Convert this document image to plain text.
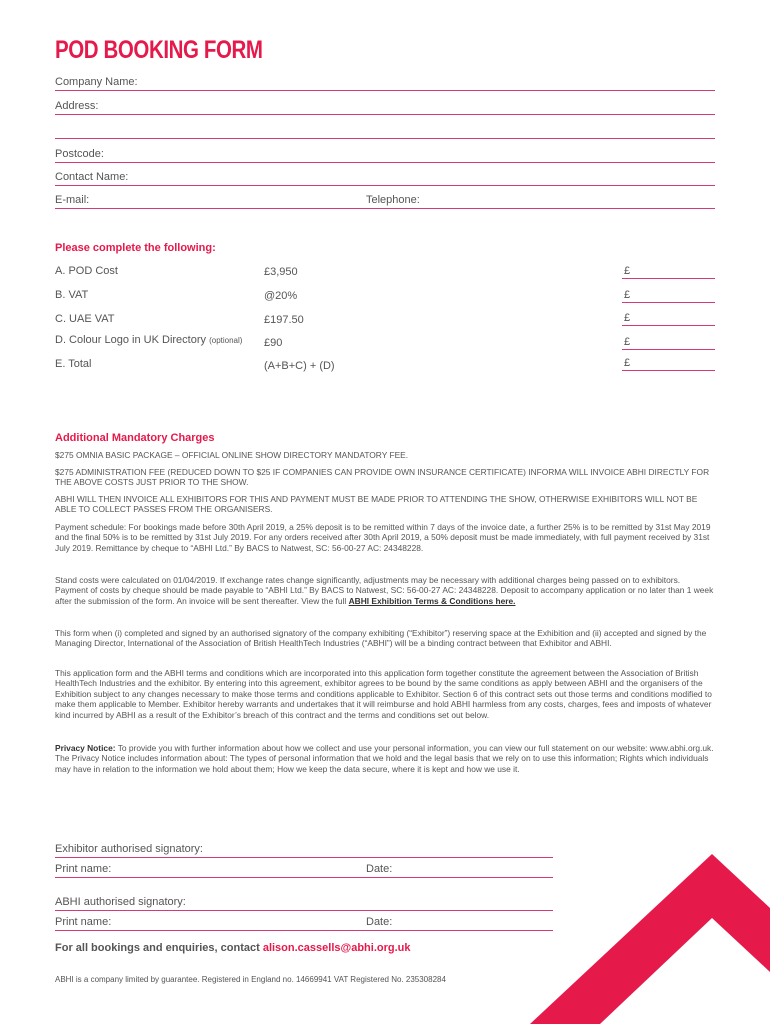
POD BOOKING FORM
Company Name:
Address:
Postcode:
Contact Name:
E-mail:	Telephone:
Please complete the following:
A. POD Cost	£3,950	£
B. VAT	@20%	£
C. UAE VAT	£197.50	£
D. Colour Logo in UK Directory (optional) £90	£
E. Total	(A+B+C) + (D)	£
Additional Mandatory Charges

$275 OMNIA BASIC PACKAGE – OFFICIAL ONLINE SHOW DIRECTORY MANDATORY FEE.

$275 ADMINISTRATION FEE (REDUCED DOWN TO $25 IF COMPANIES CAN PROVIDE OWN INSURANCE CERTIFICATE) INFORMA WILL INVOICE ABHI DIRECTLY FOR THE ABOVE COSTS JUST PRIOR TO THE SHOW.

ABHI WILL THEN INVOICE ALL EXHIBITORS FOR THIS AND PAYMENT MUST BE MADE PRIOR TO ATTENDING THE SHOW, OTHERWISE EXHIBITORS WILL NOT BE ABLE TO COLLECT PASSES FROM THE ORGANISERS.

Payment schedule: For bookings made before 30th April 2019, a 25% deposit is to be remitted within 7 days of the invoice date, a further 25% is to be remitted by 31st May 2019 and the final 50% is to be remitted by 31st July 2019. For any orders received after 30th April 2019, a 50% deposit must be made immediately, with full payment received by 31st July 2019. Remittance by cheque to “ABHI Ltd.” By BACS to Natwest, SC: 56-00-27 AC: 24348228.

Stand costs were calculated on 01/04/2019. If exchange rates change significantly, adjustments may be necessary with additional charges being passed on to exhibitors. Payment of costs by cheque should be made payable to “ABHI Ltd.” By BACS to Natwest, SC: 56-00-27 AC: 24348228. Deposit to accompany application or no later than 1 week after the submission of the form. An invoice will be sent thereafter. View the full ABHI Exhibition Terms & Conditions here.

This form when (i) completed and signed by an authorised signatory of the company exhibiting (“Exhibitor”) reserving space at the Exhibition and (ii) accepted and signed by the Managing Director, International of the Association of British HealthTech Industries (“ABHI”) will be a binding contract between that Exhibitor and ABHI.

This application form and the ABHI terms and conditions which are incorporated into this application form together constitute the agreement between the Association of British HealthTech Industries and the exhibitor. By entering into this agreement, exhibitor agrees to be bound by the same conditions as apply between ABHI and the organisers of the Exhibition subject to any changes necessary to make those terms and conditions applicable to Exhibitor. Section 6 of this contract sets out those terms and conditions modified to make them applicable to Member. Exhibitor hereby warrants and undertakes that it will reimburse and hold ABHI harmless from any costs, charges, fees and imposts of whatever kind incurred by ABHI as a result of the Exhibitor’s breach of this contract and the terms and conditions set out below.

Privacy Notice: To provide you with further information about how we collect and use your personal information, you can view our full statement on our website: www.abhi.org.uk. The Privacy Notice includes information about: The types of personal information that we hold and the legal basis that we rely on to use this information; Rights which individuals may have in relation to the information we hold about them; How we keep the data secure, where it is kept and how we use it.

Exhibitor authorised signatory:
Print name:	Date:
ABHI authorised signatory:
Print name:	Date:
For all bookings and enquiries, contact alison.cassells@abhi.org.uk
ABHI is a company limited by guarantee. Registered in England no. 14669941 VAT Registered No. 235308284
